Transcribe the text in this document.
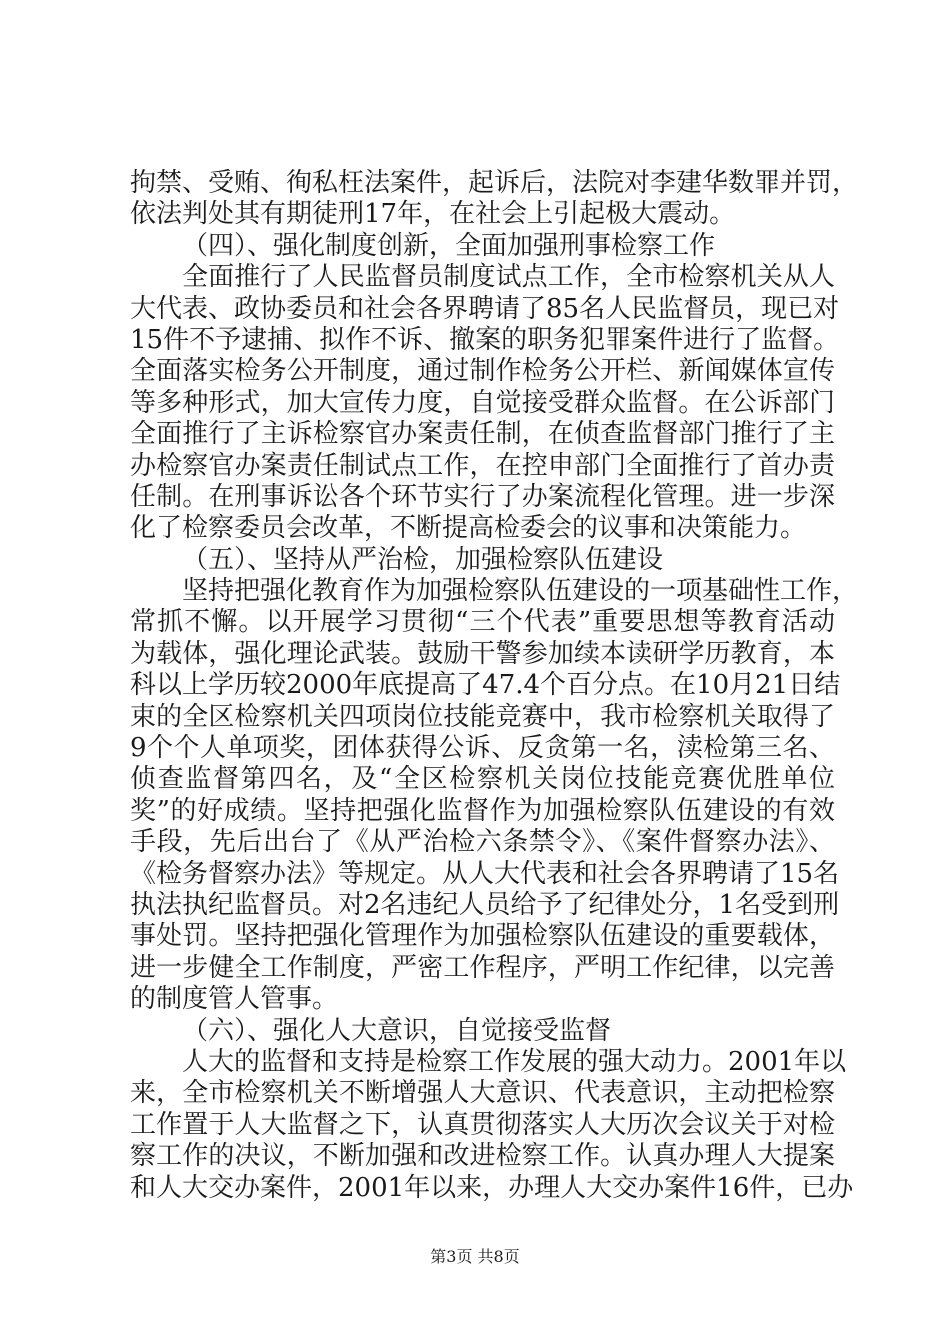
拘禁、受贿、徇私枉法案件，起诉后，法院对李建华数罪并罚，
依法判处其有期徒刑17年，在社会上引起极大震动。
（四）、强化制度创新，全面加强刑事检察工作
全面推行了人民监督员制度试点工作，全市检察机关从人
大代表、政协委员和社会各界聘请了85名人民监督员，现已对
15件不予逮捕、拟作不诉、撤案的职务犯罪案件进行了监督。
全面落实检务公开制度，通过制作检务公开栏、新闻媒体宣传
等多种形式，加大宣传力度，自觉接受群众监督。在公诉部门
全面推行了主诉检察官办案责任制，在侦查监督部门推行了主
办检察官办案责任制试点工作，在控申部门全面推行了首办责
任制。在刑事诉讼各个环节实行了办案流程化管理。进一步深
化了检察委员会改革，不断提高检委会的议事和决策能力。
（五）、坚持从严治检，加强检察队伍建设
坚持把强化教育作为加强检察队伍建设的一项基础性工作，
常抓不懈。以开展学习贯彻“三个代表”重要思想等教育活动
为载体，强化理论武装。鼓励干警参加续本读研学历教育，本
科以上学历较2000年底提高了47.4个百分点。在10月21日结
束的全区检察机关四项岗位技能竞赛中，我市检察机关取得了
9个个人单项奖，团体获得公诉、反贪第一名，渎检第三名、
侦查监督第四名，及“全区检察机关岗位技能竞赛优胜单位
奖”的好成绩。坚持把强化监督作为加强检察队伍建设的有效
手段，先后出台了《从严治检六条禁令》、《案件督察办法》、
《检务督察办法》等规定。从人大代表和社会各界聘请了15名
执法执纪监督员。对2名违纪人员给予了纪律处分，1名受到刑
事处罚。坚持把强化管理作为加强检察队伍建设的重要载体，
进一步健全工作制度，严密工作程序，严明工作纪律，以完善
的制度管人管事。
（六）、强化人大意识，自觉接受监督
人大的监督和支持是检察工作发展的强大动力。2001年以
来，全市检察机关不断增强人大意识、代表意识，主动把检察
工作置于人大监督之下，认真贯彻落实人大历次会议关于对检
察工作的决议，不断加强和改进检察工作。认真办理人大提案
和人大交办案件，2001年以来，办理人大交办案件16件，已办
第3页 共8页
